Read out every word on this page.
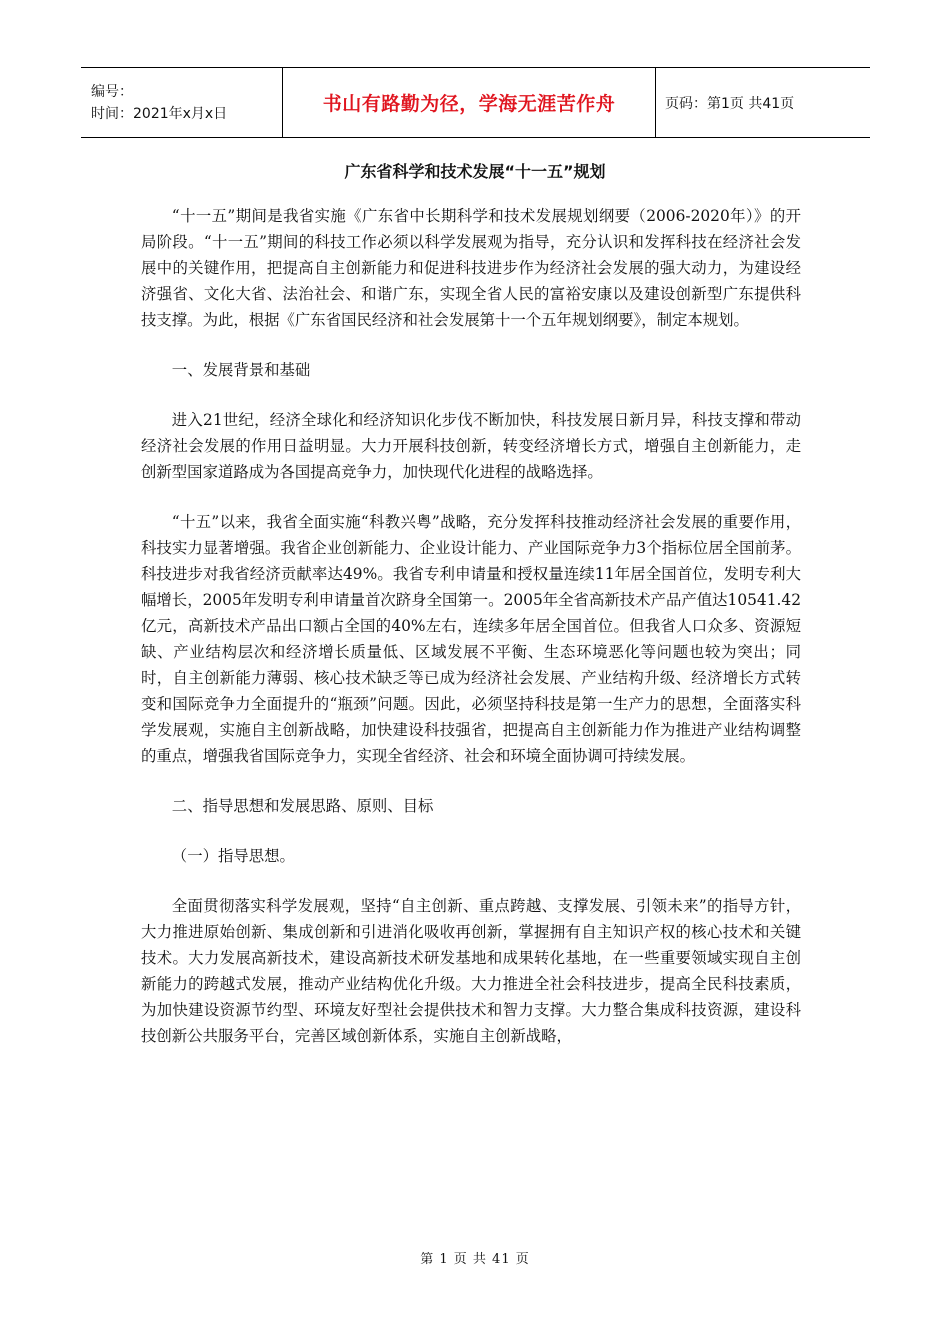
编号：
时间：2021年x月x日	书山有路勤为径，学海无涯苦作舟	页码：第1页 共41页
广东省科学和技术发展“十一五”规划

“十一五”期间是我省实施《广东省中长期科学和技术发展规划纲要（2006-2020年）》的开局阶段。“十一五”期间的科技工作必须以科学发展观为指导，充分认识和发挥科技在经济社会发展中的关键作用，把提高自主创新能力和促进科技进步作为经济社会发展的强大动力，为建设经济强省、文化大省、法治社会、和谐广东，实现全省人民的富裕安康以及建设创新型广东提供科技支撑。为此，根据《广东省国民经济和社会发展第十一个五年规划纲要》，制定本规划。

一、发展背景和基础

进入21世纪，经济全球化和经济知识化步伐不断加快，科技发展日新月异，科技支撑和带动经济社会发展的作用日益明显。大力开展科技创新，转变经济增长方式，增强自主创新能力，走创新型国家道路成为各国提高竞争力，加快现代化进程的战略选择。

“十五”以来，我省全面实施“科教兴粤”战略，充分发挥科技推动经济社会发展的重要作用，科技实力显著增强。我省企业创新能力、企业设计能力、产业国际竞争力3个指标位居全国前茅。科技进步对我省经济贡献率达49%。我省专利申请量和授权量连续11年居全国首位，发明专利大幅增长，2005年发明专利申请量首次跻身全国第一。2005年全省高新技术产品产值达10541.42亿元，高新技术产品出口额占全国的40%左右，连续多年居全国首位。但我省人口众多、资源短缺、产业结构层次和经济增长质量低、区域发展不平衡、生态环境恶化等问题也较为突出；同时，自主创新能力薄弱、核心技术缺乏等已成为经济社会发展、产业结构升级、经济增长方式转变和国际竞争力全面提升的“瓶颈”问题。因此，必须坚持科技是第一生产力的思想，全面落实科学发展观，实施自主创新战略，加快建设科技强省，把提高自主创新能力作为推进产业结构调整的重点，增强我省国际竞争力，实现全省经济、社会和环境全面协调可持续发展。

二、指导思想和发展思路、原则、目标

（一）指导思想。

全面贯彻落实科学发展观，坚持“自主创新、重点跨越、支撑发展、引领未来”的指导方针，大力推进原始创新、集成创新和引进消化吸收再创新，掌握拥有自主知识产权的核心技术和关键技术。大力发展高新技术，建设高新技术研发基地和成果转化基地，在一些重要领域实现自主创新能力的跨越式发展，推动产业结构优化升级。大力推进全社会科技进步，提高全民科技素质，为加快建设资源节约型、环境友好型社会提供技术和智力支撑。大力整合集成科技资源，建设科技创新公共服务平台，完善区域创新体系，实施自主创新战略，

第 1 页 共 41 页
